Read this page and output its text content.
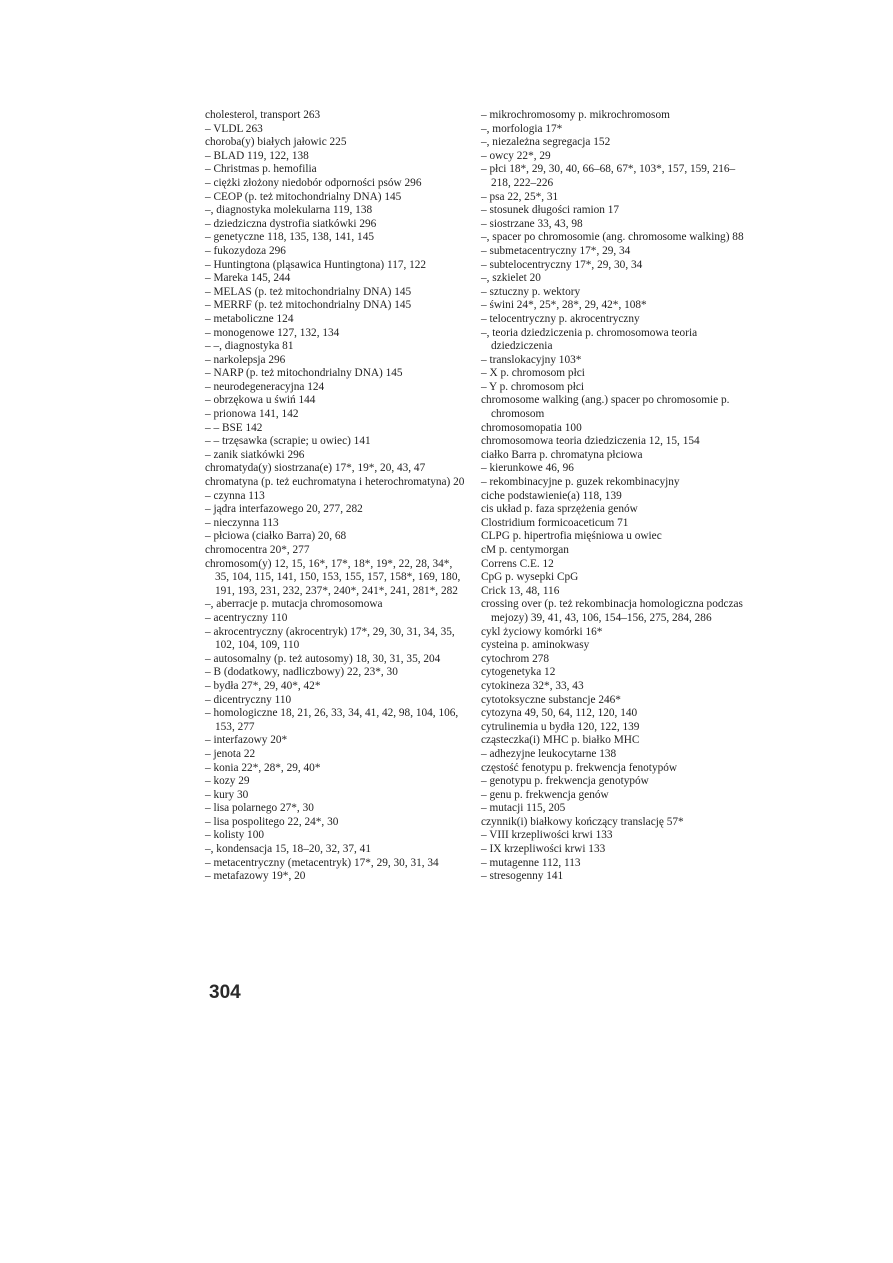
cholesterol, transport 263

– VLDL 263

choroba(y) białych jałowic 225

– BLAD 119, 122, 138

– Christmas p. hemofilia

– ciężki złożony niedobór odporności psów 296

– CEOP (p. też mitochondrialny DNA) 145

–, diagnostyka molekularna 119, 138

– dziedziczna dystrofia siatkówki 296

– genetyczne 118, 135, 138, 141, 145

– fukozydoza 296

– Huntingtona (pląsawica Huntingtona) 117, 122

– Mareka 145, 244

– MELAS (p. też mitochondrialny DNA) 145

– MERRF (p. też mitochondrialny DNA) 145

– metaboliczne 124

– monogenowe 127, 132, 134

– –, diagnostyka 81

– narkolepsja 296

– NARP (p. też mitochondrialny DNA) 145

– neurodegeneracyjna 124

– obrzękowa u świń 144

– prionowa 141, 142

– – BSE 142

– – trzęsawka (scrapie; u owiec) 141

– zanik siatkówki 296

chromatyda(y) siostrzana(e) 17*, 19*, 20, 43, 47

chromatyna (p. też euchromatyna i heterochromatyna) 20

– czynna 113

– jądra interfazowego 20, 277, 282

– nieczynna 113

– płciowa (ciałko Barra) 20, 68

chromocentra 20*, 277

chromosom(y) 12, 15, 16*, 17*, 18*, 19*, 22, 28, 34*, 35, 104, 115, 141, 150, 153, 155, 157, 158*, 169, 180, 191, 193, 231, 232, 237*, 240*, 241*, 241, 281*, 282

–, aberracje p. mutacja chromosomowa

– acentryczny 110

– akrocentryczny (akrocentryk) 17*, 29, 30, 31, 34, 35, 102, 104, 109, 110

– autosomalny (p. też autosomy) 18, 30, 31, 35, 204

– B (dodatkowy, nadliczbowy) 22, 23*, 30

– bydła 27*, 29, 40*, 42*

– dicentryczny 110

– homologiczne 18, 21, 26, 33, 34, 41, 42, 98, 104, 106, 153, 277

– interfazowy 20*

– jenota 22

– konia 22*, 28*, 29, 40*

– kozy 29

– kury 30

– lisa polarnego 27*, 30

– lisa pospolitego 22, 24*, 30

– kolisty 100

–, kondensacja 15, 18–20, 32, 37, 41

– metacentryczny (metacentryk) 17*, 29, 30, 31, 34

– metafazowy 19*, 20

– mikrochromosomy p. mikrochromosom

–, morfologia 17*

–, niezależna segregacja 152

– owcy 22*, 29

– płci 18*, 29, 30, 40, 66–68, 67*, 103*, 157, 159, 216–218, 222–226

– psa 22, 25*, 31

– stosunek długości ramion 17

– siostrzane 33, 43, 98

–, spacer po chromosomie (ang. chromosome walking) 88

– submetacentryczny 17*, 29, 34

– subtelocentryczny 17*, 29, 30, 34

–, szkielet 20

– sztuczny p. wektory

– świni 24*, 25*, 28*, 29, 42*, 108*

– telocentryczny p. akrocentryczny

–, teoria dziedziczenia p. chromosomowa teoria dziedziczenia

– translokacyjny 103*

– X p. chromosom płci

– Y p. chromosom płci

chromosome walking (ang.) spacer po chromosomie p. chromosom

chromosomopatia 100

chromosomowa teoria dziedziczenia 12, 15, 154

ciałko Barra p. chromatyna płciowa

– kierunkowe 46, 96

– rekombinacyjne p. guzek rekombinacyjny

ciche podstawienie(a) 118, 139

cis układ p. faza sprzężenia genów

Clostridium formicoaceticum 71

CLPG p. hipertrofia mięśniowa u owiec

cM p. centymorgan

Correns C.E. 12

CpG p. wysepki CpG

Crick 13, 48, 116

crossing over (p. też rekombinacja homologiczna podczas mejozy) 39, 41, 43, 106, 154–156, 275, 284, 286

cykl życiowy komórki 16*

cysteina p. aminokwasy

cytochrom 278

cytogenetyka 12

cytokineza 32*, 33, 43

cytotoksyczne substancje 246*

cytozyna 49, 50, 64, 112, 120, 140

cytrulinemia u bydła 120, 122, 139

cząsteczka(i) MHC p. białko MHC

– adhezyjne leukocytarne 138

częstość fenotypu p. frekwencja fenotypów

– genotypu p. frekwencja genotypów

– genu p. frekwencja genów

– mutacji 115, 205

czynnik(i) białkowy kończący translację 57*

– VIII krzepliwości krwi 133

– IX krzepliwości krwi 133

– mutagenne 112, 113

– stresogenny 141

304
